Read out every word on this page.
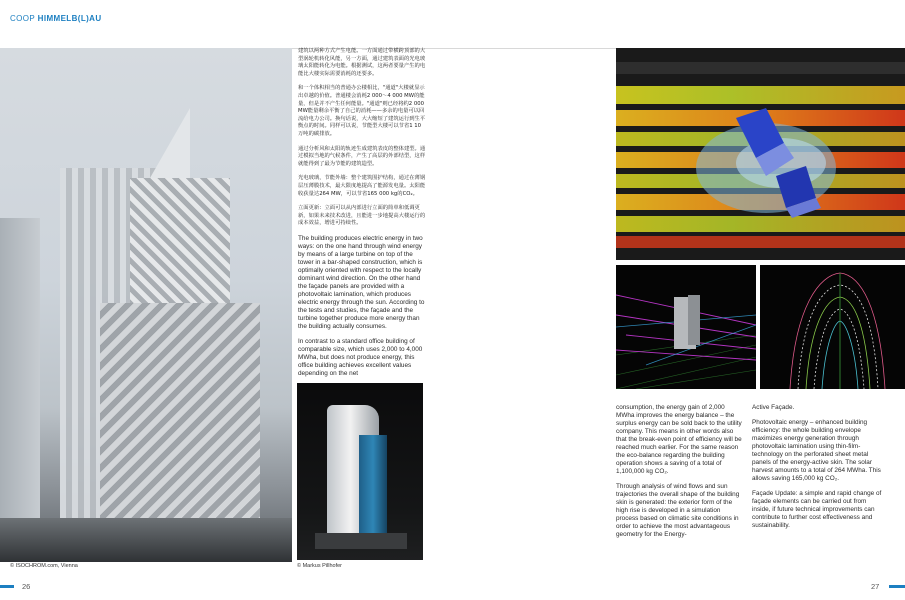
COOP HIMMELB(L)AU
© ISOCHROM.com, Vienna

建筑以两种方式产生电能。一方面通过带横跨顶部的大型涡轮机转化风能，另一方面，通过建筑表面的光电玻璃太阳能转化为电能。根据测试，这两者要量产生的电能比大楼实际需要消耗的还要多。

和一个体积相当的普通办公楼相比，"通道"大楼就显示出卓越的价值。普通楼会消耗2 000～4 000 MW的能量，但是并不产生任何能量。"通道"则已经将约2 000 MW能量剩余平衡了自己的消耗——多余的电量可以回流给电力公司。换句话说，大大缩短了建筑运行到生平衡点的时间。同样可以说，节能型大楼可以节省1 10万吨的碳排放。

通过分析风和太阳的轨迹生成建筑表皮的整体建型。通过模拟当地的气候条件，产生了高层的外部结型，这样就能得到了最为节能的建筑造型。

光电玻璃，节能外墙：整个建筑围护结构，通过在薄钢层压薄膜技术，最大限度地提高了能源发电量。太阳能收获量达264 MW，可以节省165 000 kg的CO₂。

立面更新：立面可以从内部进行立面的简单和低调更新，如果未来技术改进，且能进一步地提高大楼运行的成本效益，增进可持续性。

The building produces electric energy in two ways: on the one hand through wind energy by means of a large turbine on top of the tower in a bar-shaped construction, which is optimally oriented with respect to the locally dominant wind direction. On the other hand the façade panels are provided with a photovoltaic lamination, which produces electric energy through the sun. According to the tests and studies, the façade and the turbine together produce more energy than the building actually consumes.

In contrast to a standard office building of comparable size, which uses 2,000 to 4,000 MWha, but does not produce energy, this office building achieves excellent values depending on the net

© Markus Pillhofer

consumption, the energy gain of 2,000 MWha improves the energy balance – the surplus energy can be sold back to the utility company. This means in other words also that the break-even point of efficiency will be reached much earlier. For the same reason the eco-balance regarding the building operation shows a saving of a total of 1,100,000 kg CO₂.

Through analysis of wind flows and sun trajectories the overall shape of the building skin is generated: the exterior form of the high rise is developed in a simulation process based on climatic site conditions in order to achieve the most advantageous geometry for the Energy-

Active Façade.

Photovoltaic energy – enhanced building efficiency: the whole building envelope maximizes energy generation through photovoltaic lamination using thin-film-technology on the perforated sheet metal panels of the energy-active skin. The solar harvest amounts to a total of 264 MWha. This allows saving 165,000 kg CO₂.

Façade Update: a simple and rapid change of façade elements can be carried out from inside, if future technical improvements can contribute to further cost effectiveness and sustainability.

26	27
